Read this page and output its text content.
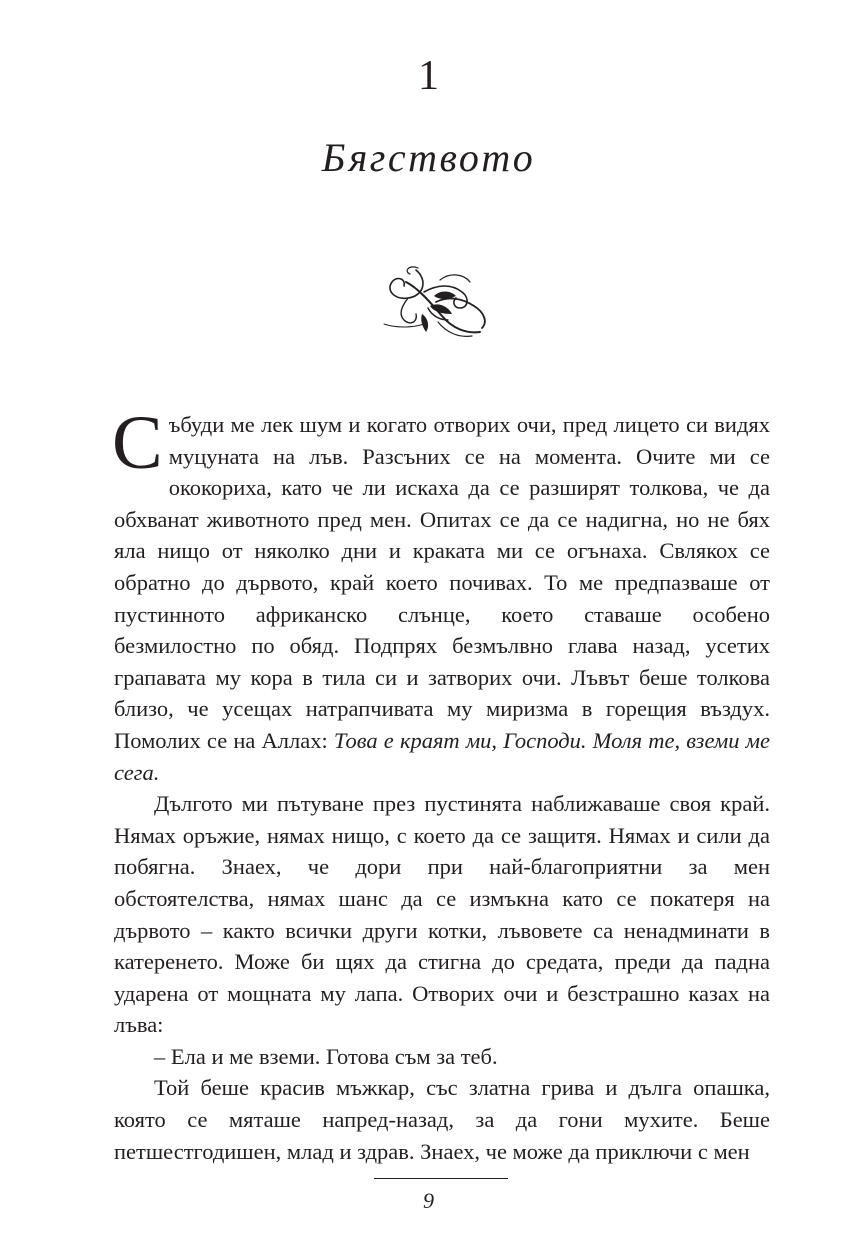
1
Бягството

Събуди ме лек шум и когато отворих очи, пред лицето си видях муцуната на лъв. Разсъних се на момента. Очите ми се ококориха, като че ли искаха да се разширят толкова, че да обхванат животното пред мен. Опитах се да се надигна, но не бях яла нищо от няколко дни и краката ми се огънаха. Свлякох се обратно до дървото, край което почивах. То ме предпазваше от пустинното африканско слънце, което ставаше особено безмилостно по обяд. Подпрях безмълвно глава назад, усетих грапавата му кора в тила си и затворих очи. Лъвът беше толкова близо, че усещах натрапчивата му миризма в горещия въздух. Помолих се на Аллах: Това е краят ми, Господи. Моля те, вземи ме сега.

Дългото ми пътуване през пустинята наближаваше своя край. Нямах оръжие, нямах нищо, с което да се защитя. Нямах и сили да побягна. Знаех, че дори при най-благоприятни за мен обстоятелства, нямах шанс да се измъкна като се покатеря на дървото – както всички други котки, лъвовете са ненадминати в катеренето. Може би щях да стигна до средата, преди да падна ударена от мощната му лапа. Отворих очи и безстрашно казах на лъва:

– Ела и ме вземи. Готова съм за теб.

Той беше красив мъжкар, със златна грива и дълга опашка, която се мяташе напред-назад, за да гони мухите. Беше петшестгодишен, млад и здрав. Знаех, че може да приключи с мен

9
